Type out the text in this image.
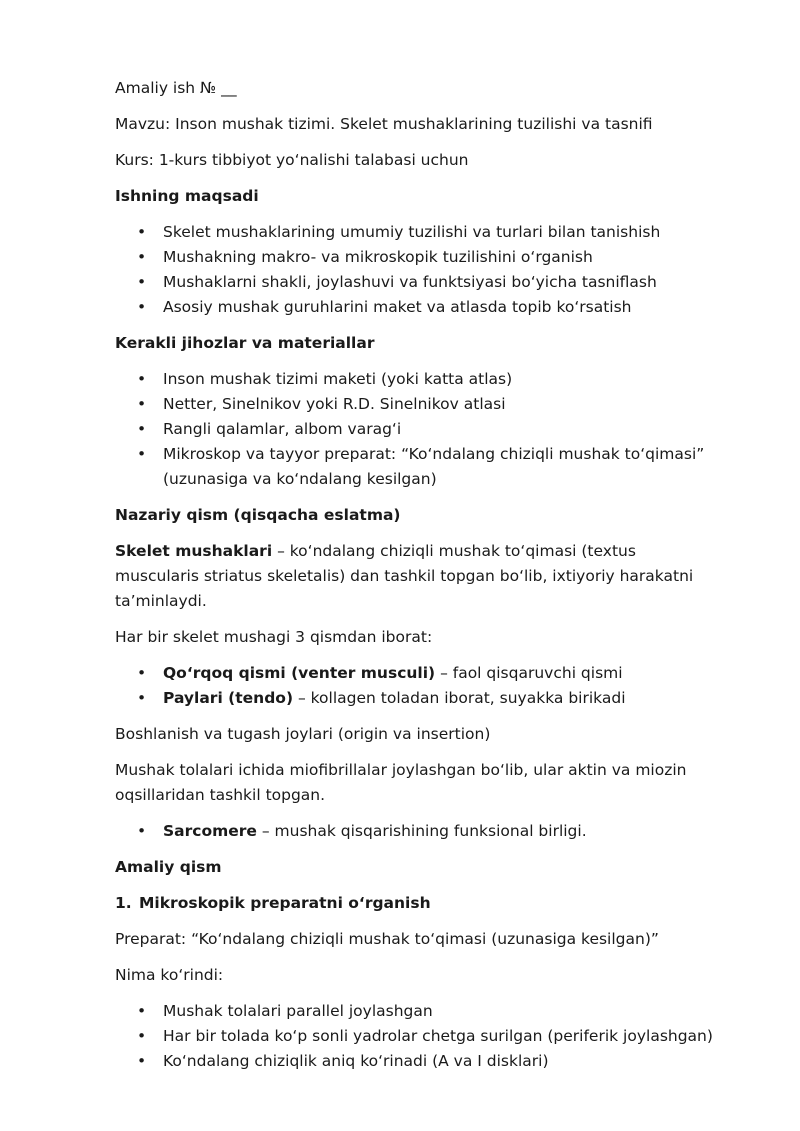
Amaliy ish № __

Mavzu: Inson mushak tizimi. Skelet mushaklarining tuzilishi va tasnifi

Kurs: 1-kurs tibbiyot yo‘nalishi talabasi uchun

Ishning maqsadi

• Skelet mushaklarining umumiy tuzilishi va turlari bilan tanishish
• Mushakning makro- va mikroskopik tuzilishini o‘rganish
• Mushaklarni shakli, joylashuvi va funktsiyasi bo‘yicha tasniflash
• Asosiy mushak guruhlarini maket va atlasda topib ko‘rsatish

Kerakli jihozlar va materiallar

• Inson mushak tizimi maketi (yoki katta atlas)
• Netter, Sinelnikov yoki R.D. Sinelnikov atlasi
• Rangli qalamlar, albom varag‘i
• Mikroskop va tayyor preparat: “Ko‘ndalang chiziqli mushak to‘qimasi” (uzunasiga va ko‘ndalang kesilgan)

Nazariy qism (qisqacha eslatma)

Skelet mushaklari – ko‘ndalang chiziqli mushak to‘qimasi (textus muscularis striatus skeletalis) dan tashkil topgan bo‘lib, ixtiyoriy harakatni ta’minlaydi.

Har bir skelet mushagi 3 qismdan iborat:

• Qo‘rqoq qismi (venter musculi) – faol qisqaruvchi qismi
• Paylari (tendo) – kollagen toladan iborat, suyakka birikadi

Boshlanish va tugash joylari (origin va insertion)

Mushak tolalari ichida miofibrillalar joylashgan bo‘lib, ular aktin va miozin oqsillaridan tashkil topgan.

• Sarcomere – mushak qisqarishining funksional birligi.

Amaliy qism

1. Mikroskopik preparatni o‘rganish

Preparat: “Ko‘ndalang chiziqli mushak to‘qimasi (uzunasiga kesilgan)”

Nima ko‘rindi:

• Mushak tolalari parallel joylashgan
• Har bir tolada ko‘p sonli yadrolar chetga surilgan (periferik joylashgan)
• Ko‘ndalang chiziqlik aniq ko‘rinadi (A va I disklari)
